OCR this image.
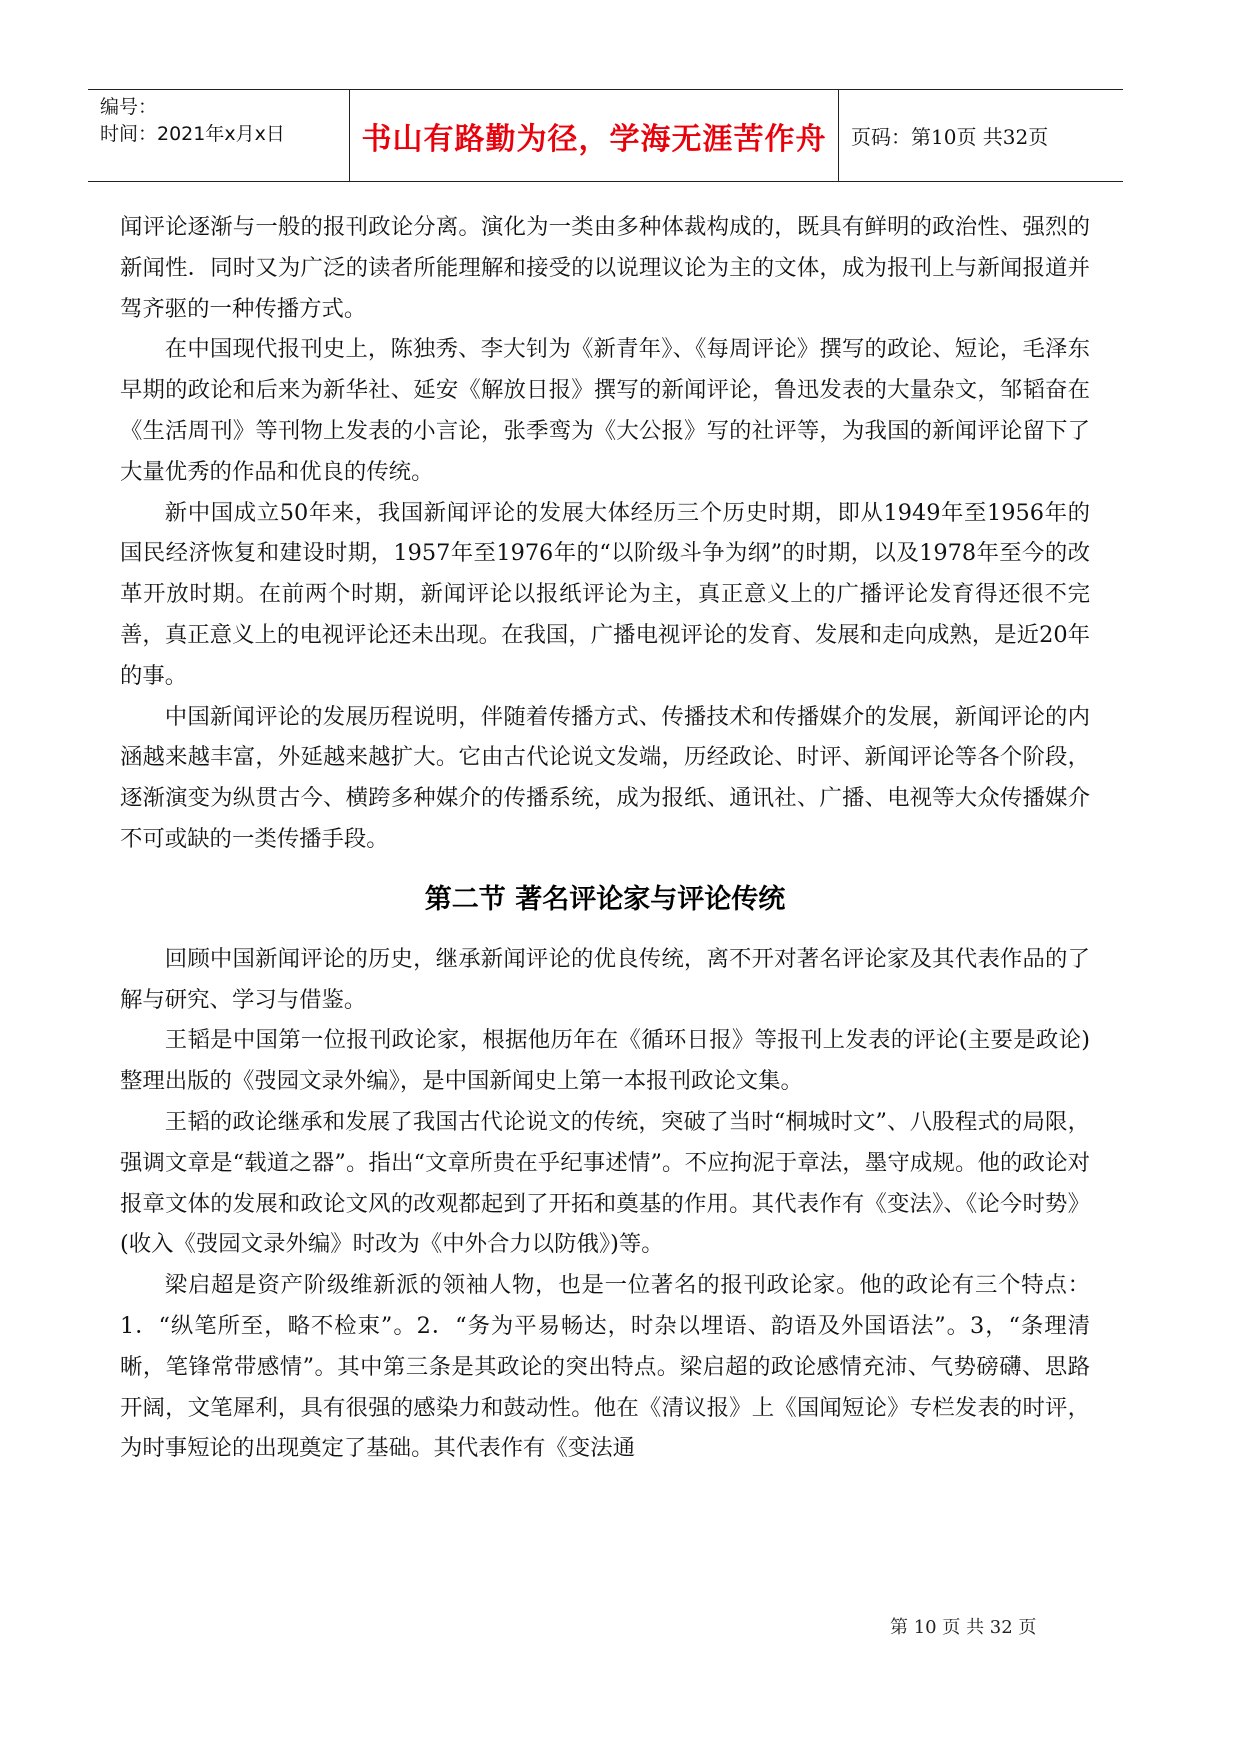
编号：
时间：2021年x月x日	书山有路勤为径，学海无涯苦作舟 页码：第10页 共32页

闻评论逐渐与一般的报刊政论分离。演化为一类由多种体裁构成的，既具有鲜明的政治性、强烈的新闻性．同时又为广泛的读者所能理解和接受的以说理议论为主的文体，成为报刊上与新闻报道并驾齐驱的一种传播方式。

在中国现代报刊史上，陈独秀、李大钊为《新青年》、《每周评论》撰写的政论、短论，毛泽东早期的政论和后来为新华社、延安《解放日报》撰写的新闻评论，鲁迅发表的大量杂文，邹韬奋在《生活周刊》等刊物上发表的小言论，张季鸾为《大公报》写的社评等，为我国的新闻评论留下了大量优秀的作品和优良的传统。

新中国成立50年来，我国新闻评论的发展大体经历三个历史时期，即从1949年至1956年的国民经济恢复和建设时期，1957年至1976年的“以阶级斗争为纲”的时期，以及1978年至今的改革开放时期。在前两个时期，新闻评论以报纸评论为主，真正意义上的广播评论发育得还很不完善，真正意义上的电视评论还未出现。在我国，广播电视评论的发育、发展和走向成熟，是近20年的事。

中国新闻评论的发展历程说明，伴随着传播方式、传播技术和传播媒介的发展，新闻评论的内涵越来越丰富，外延越来越扩大。它由古代论说文发端，历经政论、时评、新闻评论等各个阶段，逐渐演变为纵贯古今、横跨多种媒介的传播系统，成为报纸、通讯社、广播、电视等大众传播媒介不可或缺的一类传播手段。

第二节 著名评论家与评论传统

回顾中国新闻评论的历史，继承新闻评论的优良传统，离不开对著名评论家及其代表作品的了解与研究、学习与借鉴。

王韬是中国第一位报刊政论家，根据他历年在《循环日报》等报刊上发表的评论(主要是政论)整理出版的《弢园文录外编》，是中国新闻史上第一本报刊政论文集。

王韬的政论继承和发展了我国古代论说文的传统，突破了当时“桐城时文”、八股程式的局限，强调文章是“载道之器”。指出“文章所贵在乎纪事述情”。不应拘泥于章法，墨守成规。他的政论对报章文体的发展和政论文风的改观都起到了开拓和奠基的作用。其代表作有《变法》、《论今时势》(收入《弢园文录外编》时改为《中外合力以防俄》)等。

梁启超是资产阶级维新派的领袖人物，也是一位著名的报刊政论家。他的政论有三个特点：1．“纵笔所至，略不检束”。2．“务为平易畅达，时杂以埋语、韵语及外国语法”。3，“条理清晰，笔锋常带感情”。其中第三条是其政论的突出特点。梁启超的政论感情充沛、气势磅礴、思路开阔，文笔犀利，具有很强的感染力和鼓动性。他在《清议报》上《国闻短论》专栏发表的时评，为时事短论的出现奠定了基础。其代表作有《变法通

第 10 页 共 32 页
